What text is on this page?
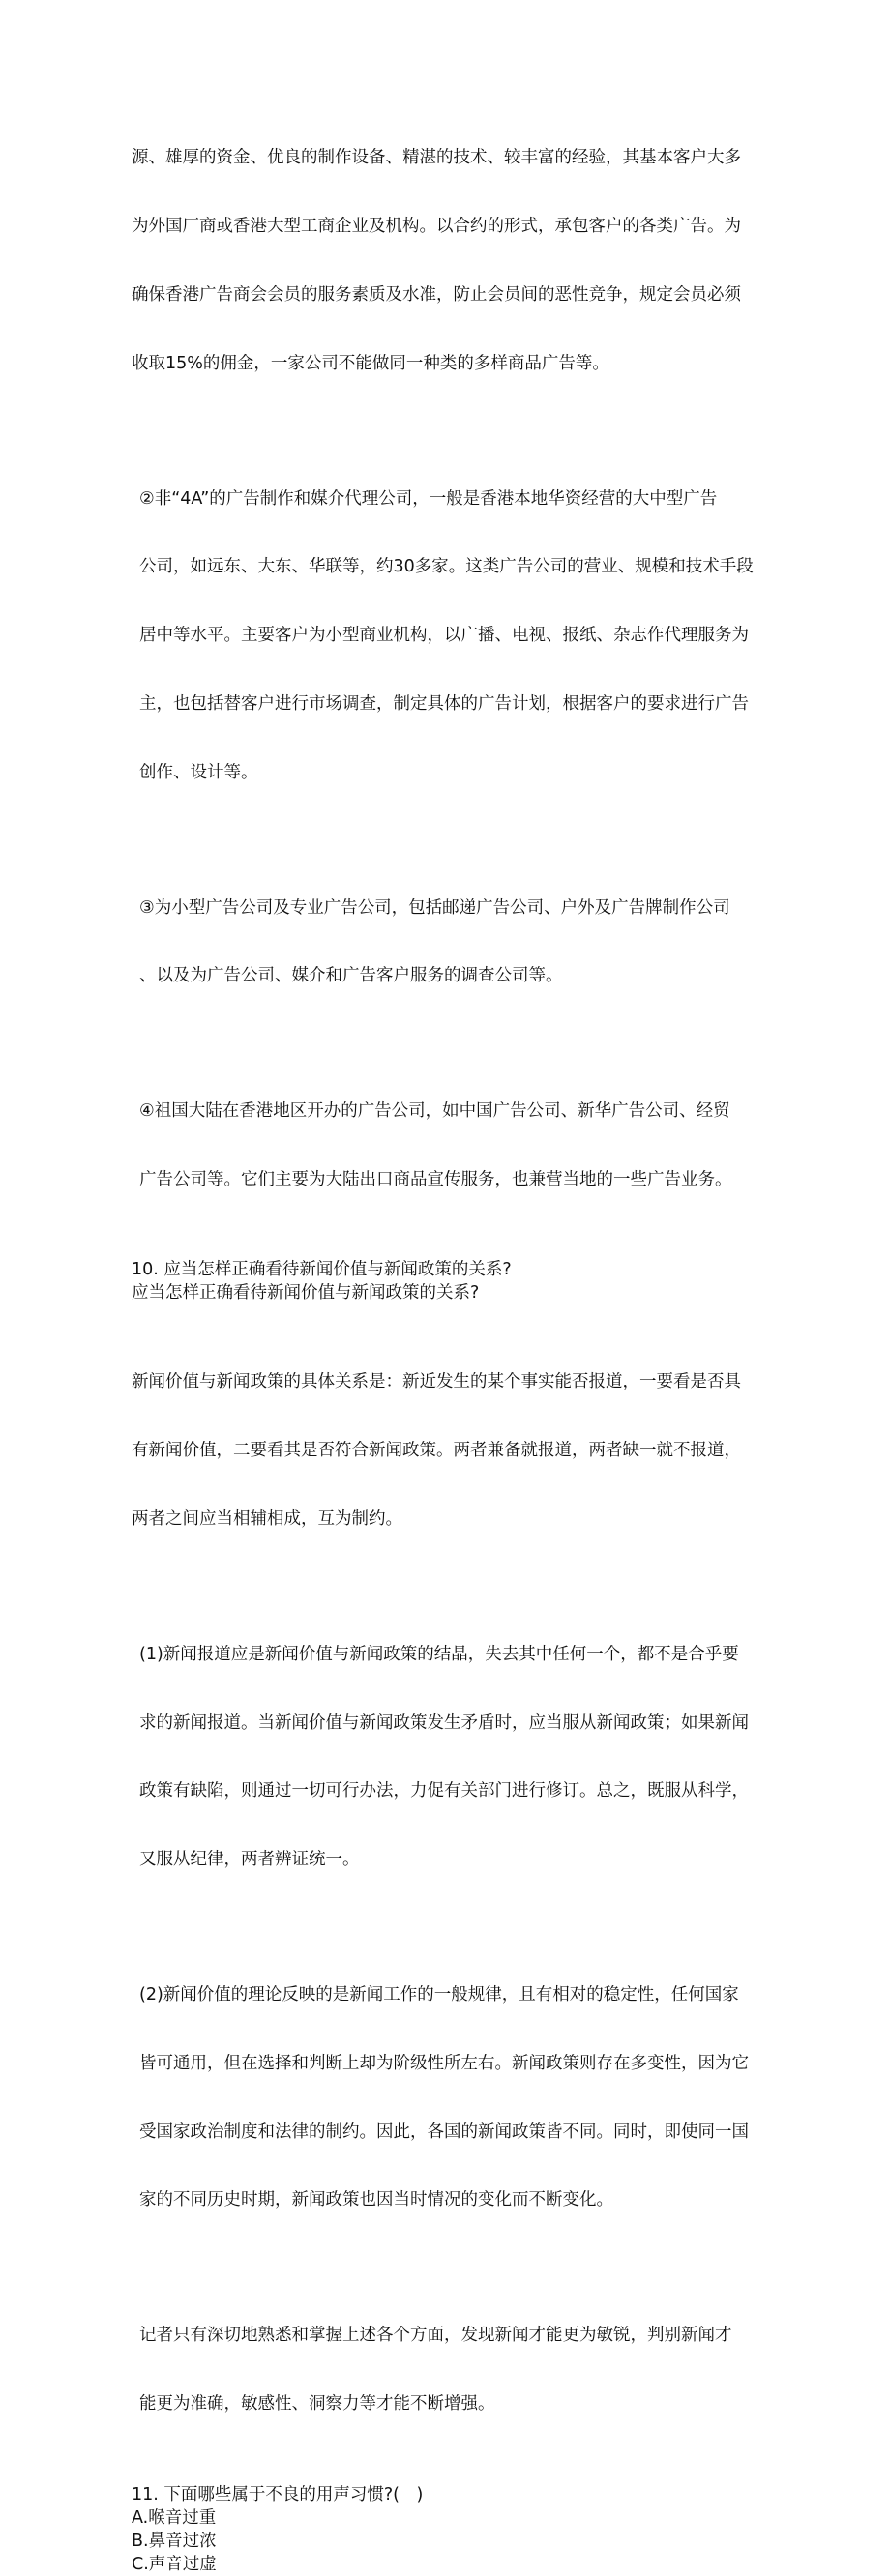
源、雄厚的资金、优良的制作设备、精湛的技术、较丰富的经验，其基本客户大多

为外国厂商或香港大型工商企业及机构。以合约的形式，承包客户的各类广告。为

确保香港广告商会会员的服务素质及水准，防止会员间的恶性竞争，规定会员必须

收取15%的佣金，一家公司不能做同一种类的多样商品广告等。

②非“4A”的广告制作和媒介代理公司，一般是香港本地华资经营的大中型广告

公司，如远东、大东、华联等，约30多家。这类广告公司的营业、规模和技术手段

居中等水平。主要客户为小型商业机构，以广播、电视、报纸、杂志作代理服务为

主，也包括替客户进行市场调查，制定具体的广告计划，根据客户的要求进行广告

创作、设计等。

③为小型广告公司及专业广告公司，包括邮递广告公司、户外及广告牌制作公司

、以及为广告公司、媒介和广告客户服务的调查公司等。

④祖国大陆在香港地区开办的广告公司，如中国广告公司、新华广告公司、经贸

广告公司等。它们主要为大陆出口商品宣传服务，也兼营当地的一些广告业务。

10. 应当怎样正确看待新闻价值与新闻政策的关系?
应当怎样正确看待新闻价值与新闻政策的关系?

新闻价值与新闻政策的具体关系是：新近发生的某个事实能否报道，一要看是否具

有新闻价值，二要看其是否符合新闻政策。两者兼备就报道，两者缺一就不报道，

两者之间应当相辅相成，互为制约。

(1)新闻报道应是新闻价值与新闻政策的结晶，失去其中任何一个，都不是合乎要

求的新闻报道。当新闻价值与新闻政策发生矛盾时，应当服从新闻政策；如果新闻

政策有缺陷，则通过一切可行办法，力促有关部门进行修订。总之，既服从科学，

又服从纪律，两者辨证统一。

(2)新闻价值的理论反映的是新闻工作的一般规律，且有相对的稳定性，任何国家

皆可通用，但在选择和判断上却为阶级性所左右。新闻政策则存在多变性，因为它

受国家政治制度和法律的制约。因此，各国的新闻政策皆不同。同时，即使同一国

家的不同历史时期，新闻政策也因当时情况的变化而不断变化。

记者只有深切地熟悉和掌握上述各个方面，发现新闻才能更为敏锐，判别新闻才

能更为准确，敏感性、洞察力等才能不断增强。

11. 下面哪些属于不良的用声习惯?(　)
A.喉音过重
B.鼻音过浓
C.声音过虚
